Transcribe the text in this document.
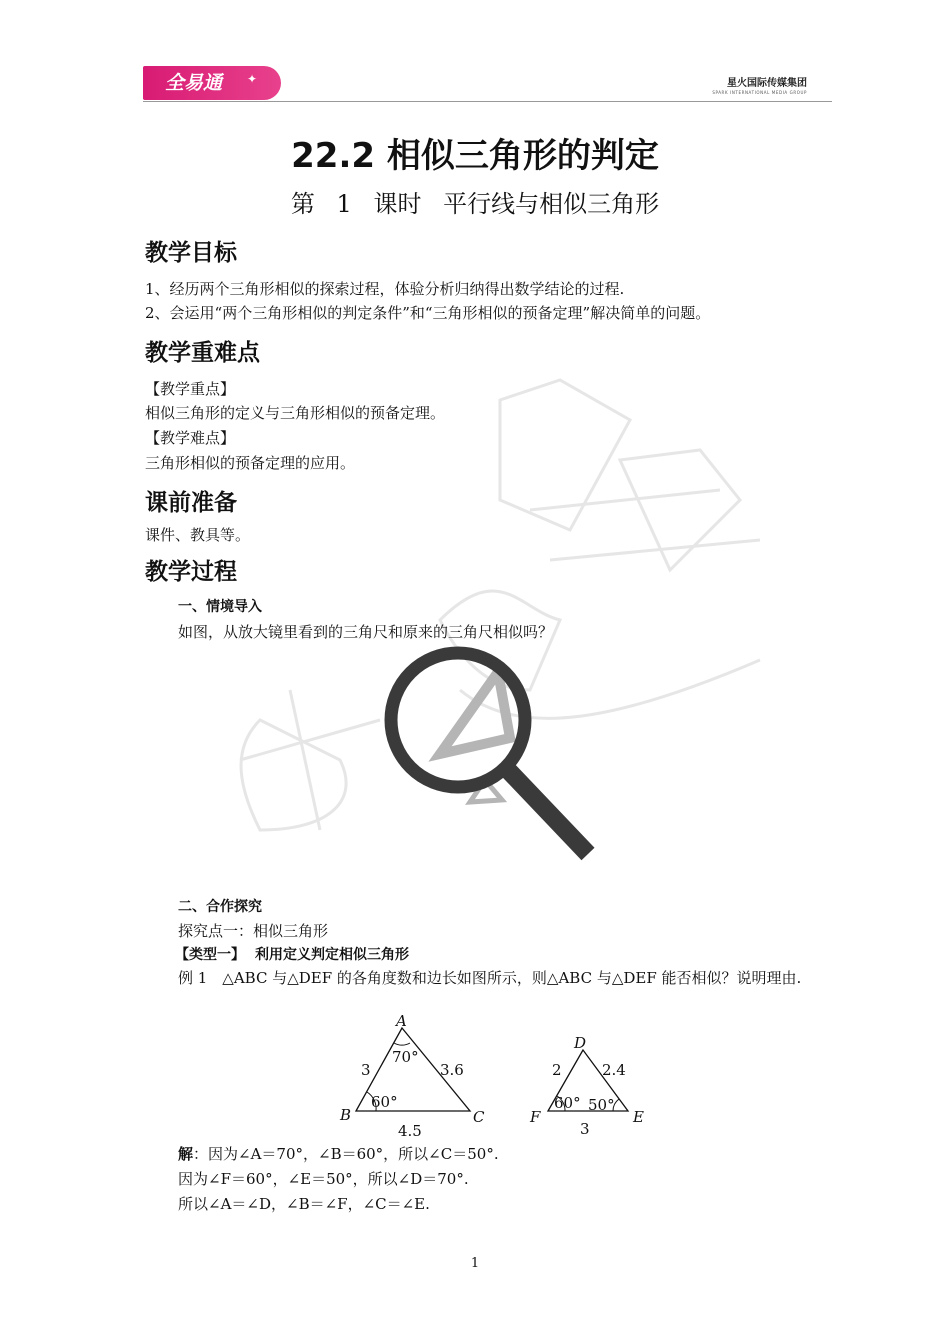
全易通	✦	星火国际传媒集团
SPARK INTERNATIONAL MEDIA GROUP
22.2 相似三角形的判定
第 1 课时 平行线与相似三角形
教学目标
1、经历两个三角形相似的探索过程，体验分析归纳得出数学结论的过程.
2、会运用“两个三角形相似的判定条件”和“三角形相似的预备定理”解决简单的问题。
教学重难点
【教学重点】
相似三角形的定义与三角形相似的预备定理。
【教学难点】
三角形相似的预备定理的应用。
课前准备
课件、教具等。
教学过程
一、情境导入
如图，从放大镜里看到的三角尺和原来的三角尺相似吗？
二、合作探究
探究点一：相似三角形
【类型一】 利用定义判定相似三角形
例 1　△ABC 与△DEF 的各角度数和边长如图所示，则△ABC 与△DEF 能否相似？说明理由.
A
B	C
70°
60°
3	3.6
4.5
D
F	E
60° 50°
2	2.4
3
解：因为∠A＝70°，∠B＝60°，所以∠C＝50°.
因为∠F＝60°，∠E＝50°，所以∠D＝70°.
所以∠A＝∠D，∠B＝∠F，∠C＝∠E.
1
